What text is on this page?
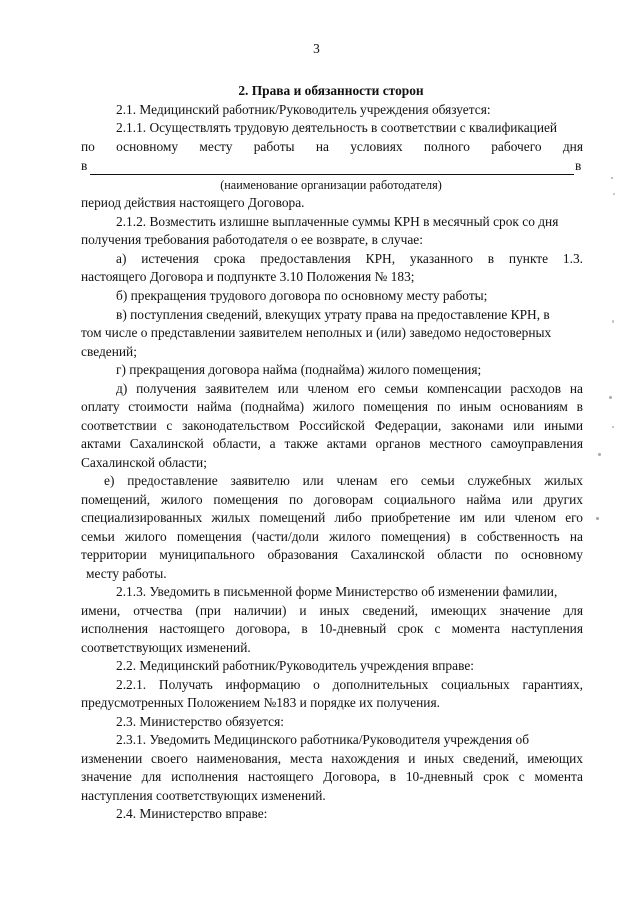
3
2. Права и обязанности сторон
2.1. Медицинский работник/Руководитель учреждения обязуется:
2.1.1. Осуществлять трудовую деятельность в соответствии с квалификацией
по основному месту работы на условиях полного рабочего дня
в	в
(наименование организации работодателя)
период действия настоящего Договора.
2.1.2. Возместить излишне выплаченные суммы КРН в месячный срок со дня
получения требования работодателя о ее возврате, в случае:
а) истечения срока предоставления КРН, указанного в пункте 1.3.
настоящего Договора и подпункте 3.10 Положения № 183;
б) прекращения трудового договора по основному месту работы;
в) поступления сведений, влекущих утрату права на предоставление КРН, в
том числе о представлении заявителем неполных и (или) заведомо недостоверных
сведений;
г) прекращения договора найма (поднайма) жилого помещения;
д) получения заявителем или членом его семьи компенсации расходов на
оплату стоимости найма (поднайма) жилого помещения по иным основаниям в
соответствии с законодательством Российской Федерации, законами или иными
актами Сахалинской области, а также актами органов местного самоуправления
Сахалинской области;
е) предоставление заявителю или членам его семьи служебных жилых
помещений, жилого помещения по договорам социального найма или других
специализированных жилых помещений либо приобретение им или членом его
семьи жилого помещения (части/доли жилого помещения) в собственность на
территории муниципального образования Сахалинской области по основному
месту работы.
2.1.3. Уведомить в письменной форме Министерство об изменении фамилии,
имени, отчества (при наличии) и иных сведений, имеющих значение для
исполнения настоящего договора, в 10-дневный срок с момента наступления
соответствующих изменений.
2.2. Медицинский работник/Руководитель учреждения вправе:
2.2.1. Получать информацию о дополнительных социальных гарантиях,
предусмотренных Положением №183 и порядке их получения.
2.3. Министерство обязуется:
2.3.1. Уведомить Медицинского работника/Руководителя учреждения об
изменении своего наименования, места нахождения и иных сведений, имеющих
значение для исполнения настоящего Договора, в 10-дневный срок с момента
наступления соответствующих изменений.
2.4. Министерство вправе:
